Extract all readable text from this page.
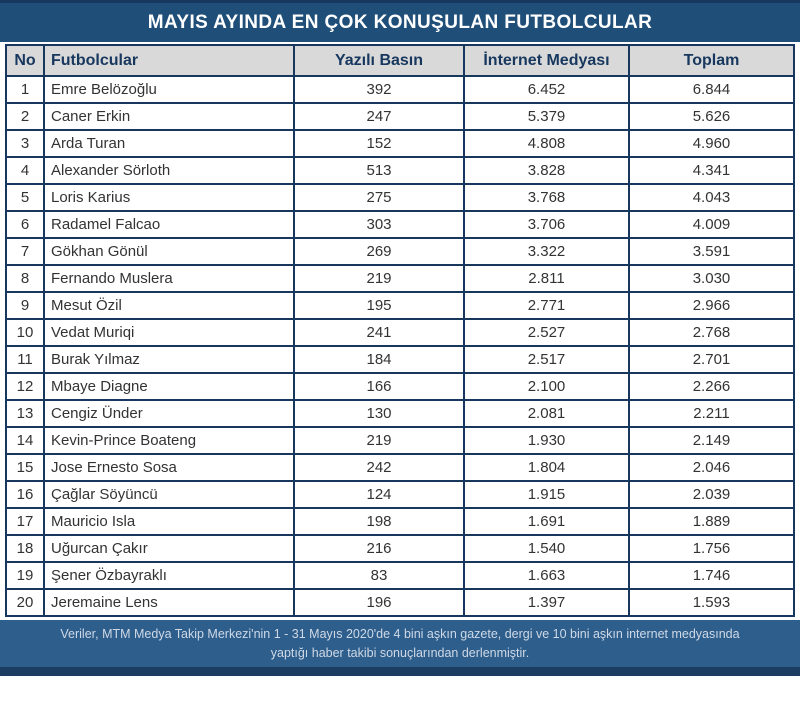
MAYIS AYINDA EN ÇOK KONUŞULAN FUTBOLCULAR
No	Futbolcular	Yazılı Basın	İnternet Medyası	Toplam
1	Emre Belözoğlu	392	6.452	6.844
2	Caner Erkin	247	5.379	5.626
3	Arda Turan	152	4.808	4.960
4	Alexander Sörloth	513	3.828	4.341
5	Loris Karius	275	3.768	4.043
6	Radamel Falcao	303	3.706	4.009
7	Gökhan Gönül	269	3.322	3.591
8	Fernando Muslera	219	2.811	3.030
9	Mesut Özil	195	2.771	2.966
10	Vedat Muriqi	241	2.527	2.768
11	Burak Yılmaz	184	2.517	2.701
12	Mbaye Diagne	166	2.100	2.266
13	Cengiz Ünder	130	2.081	2.211
14	Kevin-Prince Boateng	219	1.930	2.149
15	Jose Ernesto Sosa	242	1.804	2.046
16	Çağlar Söyüncü	124	1.915	2.039
17	Mauricio Isla	198	1.691	1.889
18	Uğurcan Çakır	216	1.540	1.756
19	Şener Özbayraklı	83	1.663	1.746
20	Jeremaine Lens	196	1.397	1.593
Veriler, MTM Medya Takip Merkezi'nin 1 - 31 Mayıs 2020'de 4 bini aşkın gazete, dergi ve 10 bini aşkın internet medyasında
yaptığı haber takibi sonuçlarından derlenmiştir.
